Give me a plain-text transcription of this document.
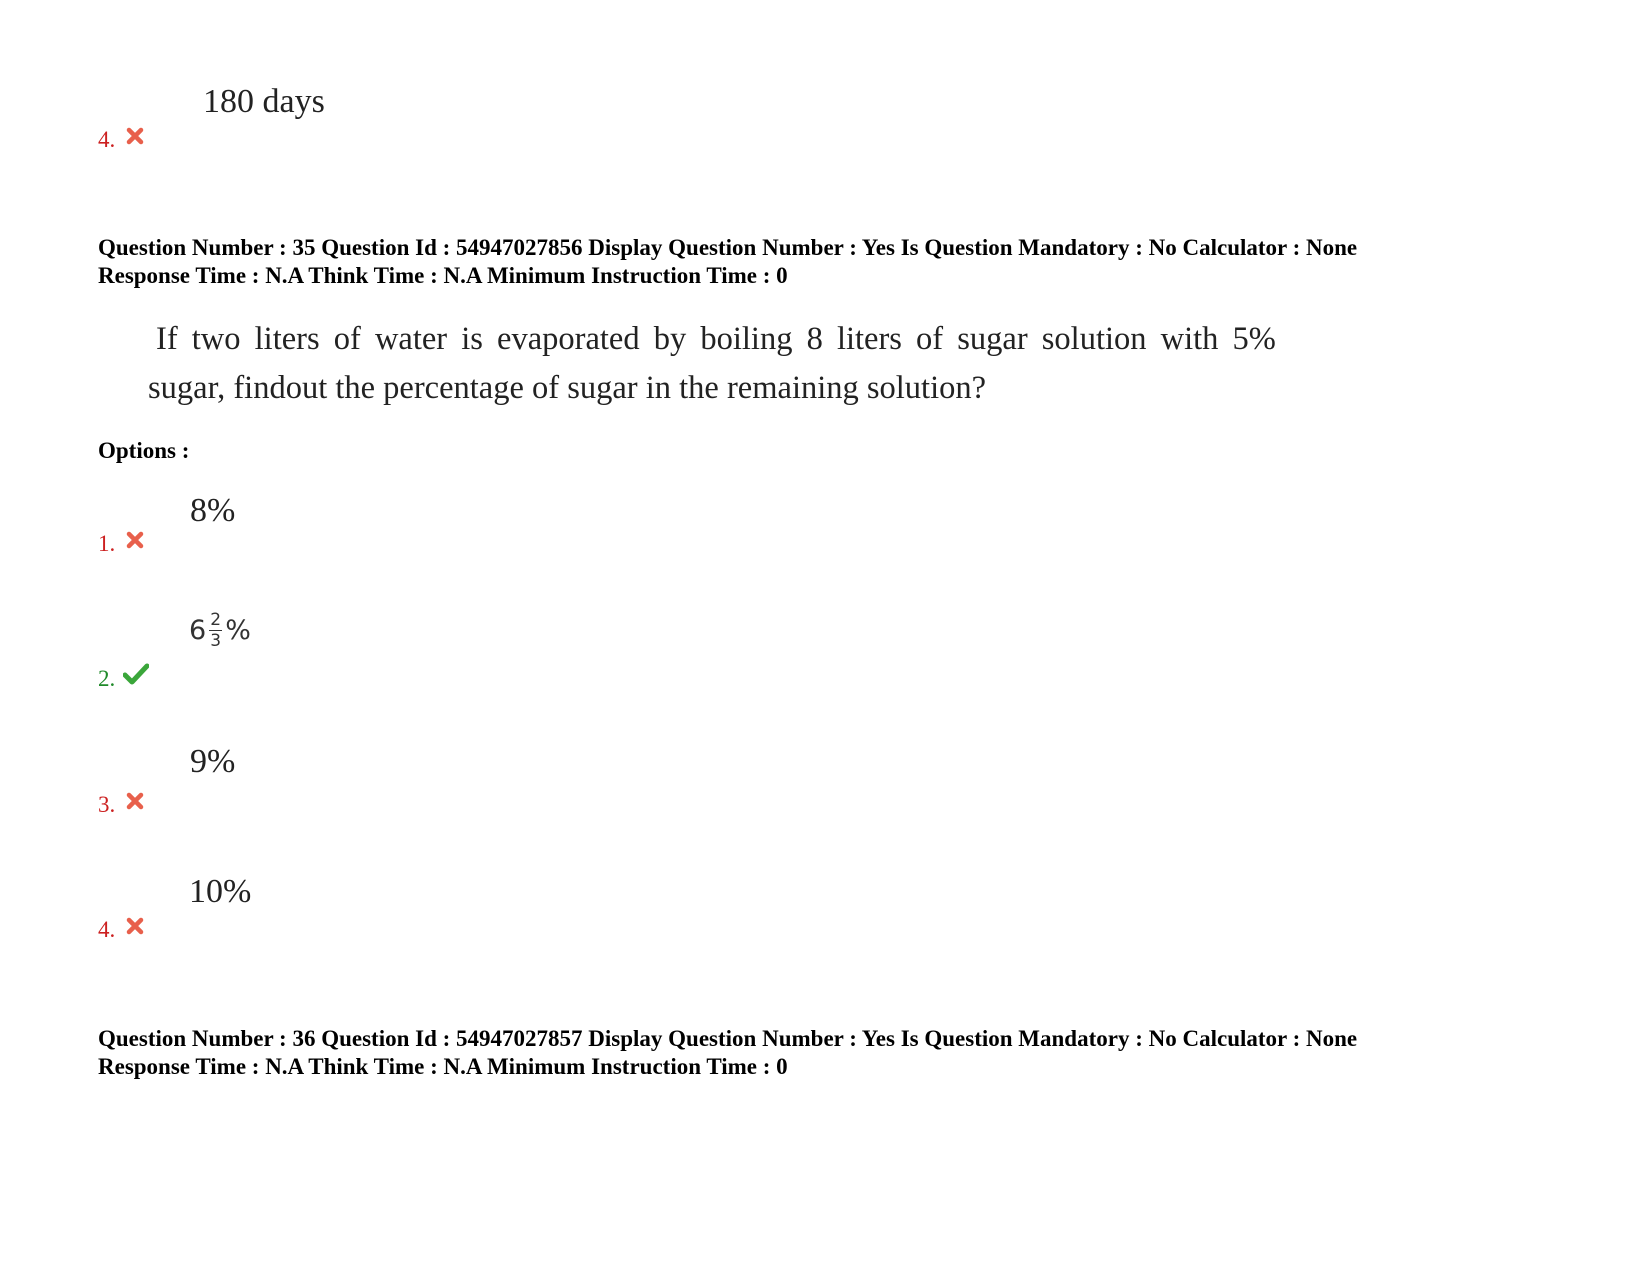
180 days
4.
Question Number : 35 Question Id : 54947027856 Display Question Number : Yes Is Question Mandatory : No Calculator : None
Response Time : N.A Think Time : N.A Minimum Instruction Time : 0
If two liters of water is evaporated by boiling 8 liters of sugar solution with 5%
sugar, findout the percentage of sugar in the remaining solution?
Options :
8%
1.
$6 \frac{2}{3}$ %
2.
9%
3.
10%
4.
Question Number : 36 Question Id : 54947027857 Display Question Number : Yes Is Question Mandatory : No Calculator : None
Response Time : N.A Think Time : N.A Minimum Instruction Time : 0
